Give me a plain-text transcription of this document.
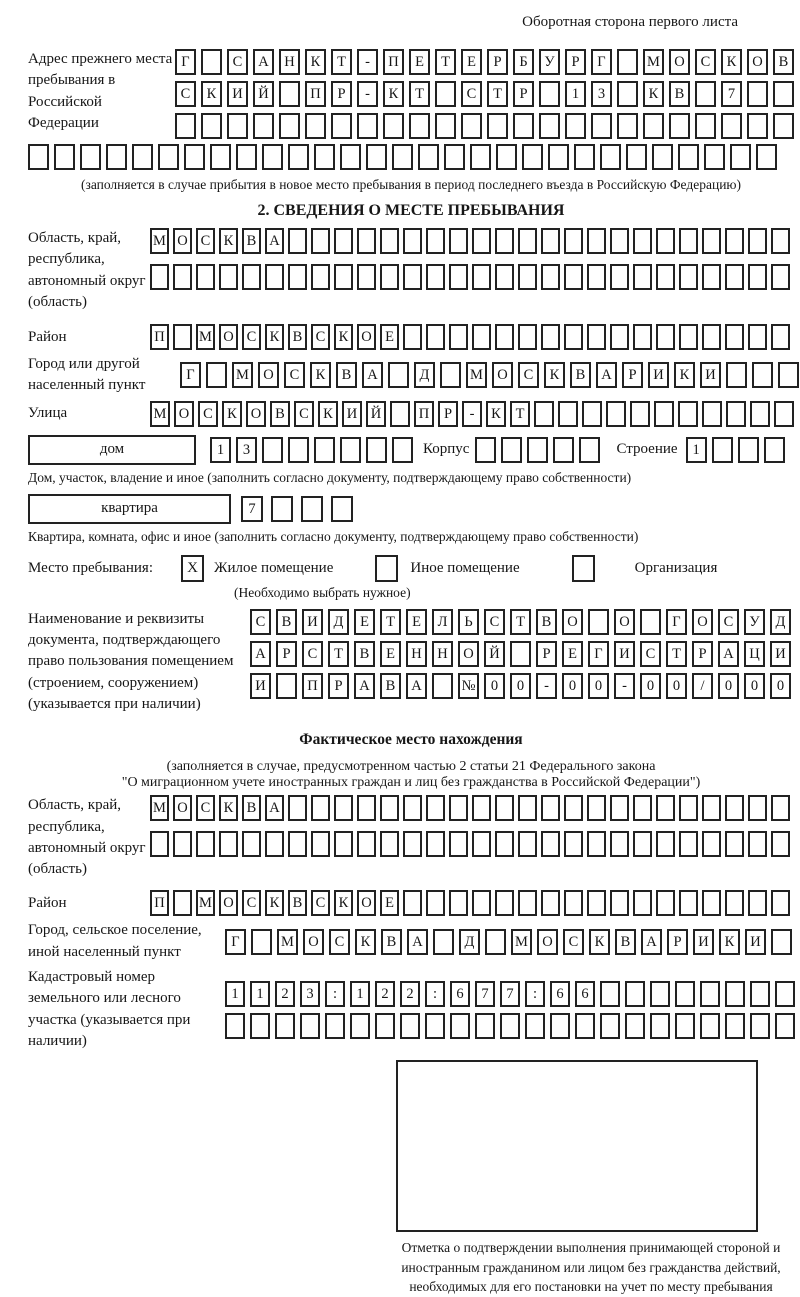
Оборотная сторона первого листа
Адрес прежнего места пребывания в Российской Федерации
Г	С	А	Н	К	Т	-	П	Е	Т	Е	Р	Б	У	Р	Г	М О	С	К	О	В
С	К	И	Й	П	Р	-	К	Т	С	Т	Р	1	3	К	В	7
(заполняется в случае прибытия в новое место пребывания в период последнего въезда в Российскую Федерацию)
2. СВЕДЕНИЯ О МЕСТЕ ПРЕБЫВАНИЯ
Область, край, республика, автономный округ (область)
М О С К В А
Район	П М О С К В С К О Е
Город или другой населенный пункт
Г	М О	С	К	В	А	Д	М О	С	К	В	А	Р	И	К	И
Улица	М О С К О В С К И Й	П	Р	-	К	Т
дом	1	3	Корпус	Строение	1
Дом, участок, владение и иное (заполнить согласно документу, подтверждающему право собственности)
квартира	7
Квартира, комната, офис и иное (заполнить согласно документу, подтверждающему право собственности)
Место пребывания:	X	Жилое помещение	Иное помещение	Организация
(Необходимо выбрать нужное)
Наименование и реквизиты документа, подтверждающего право пользования помещением (строением, сооружением) (указывается при наличии)
С	В	И	Д	Е	Т	Е	Л	Ь	С	Т	В	О	О	Г	О	С	У	Д
А	Р	С	Т	В	Е	Н	Н	О	Й	Р	Е	Г	И	С	Т	Р	А	Ц	И
И	П	Р	А	В	А	№	0	0	-	0	0	-	0	0	/	0	0	0
Фактическое место нахождения
(заполняется в случае, предусмотренном частью 2 статьи 21 Федерального закона
"О миграционном учете иностранных граждан и лиц без гражданства в Российской Федерации")
Область, край, республика, автономный округ (область)
М О С К В А
Район	П М О С К В С К О Е
Город, сельское поселение, иной населенный пункт
Г	М О	С	К	В	А	Д	М О	С	К	В	А	Р	И	К	И
Кадастровый номер земельного или лесного участка (указывается при наличии)
1	1	2	3	:	1	2	2	:	6	7	7	:	6	6
Отметка о подтверждении выполнения принимающей стороной и иностранным гражданином или лицом без гражданства действий, необходимых для его постановки на учет по месту пребывания
